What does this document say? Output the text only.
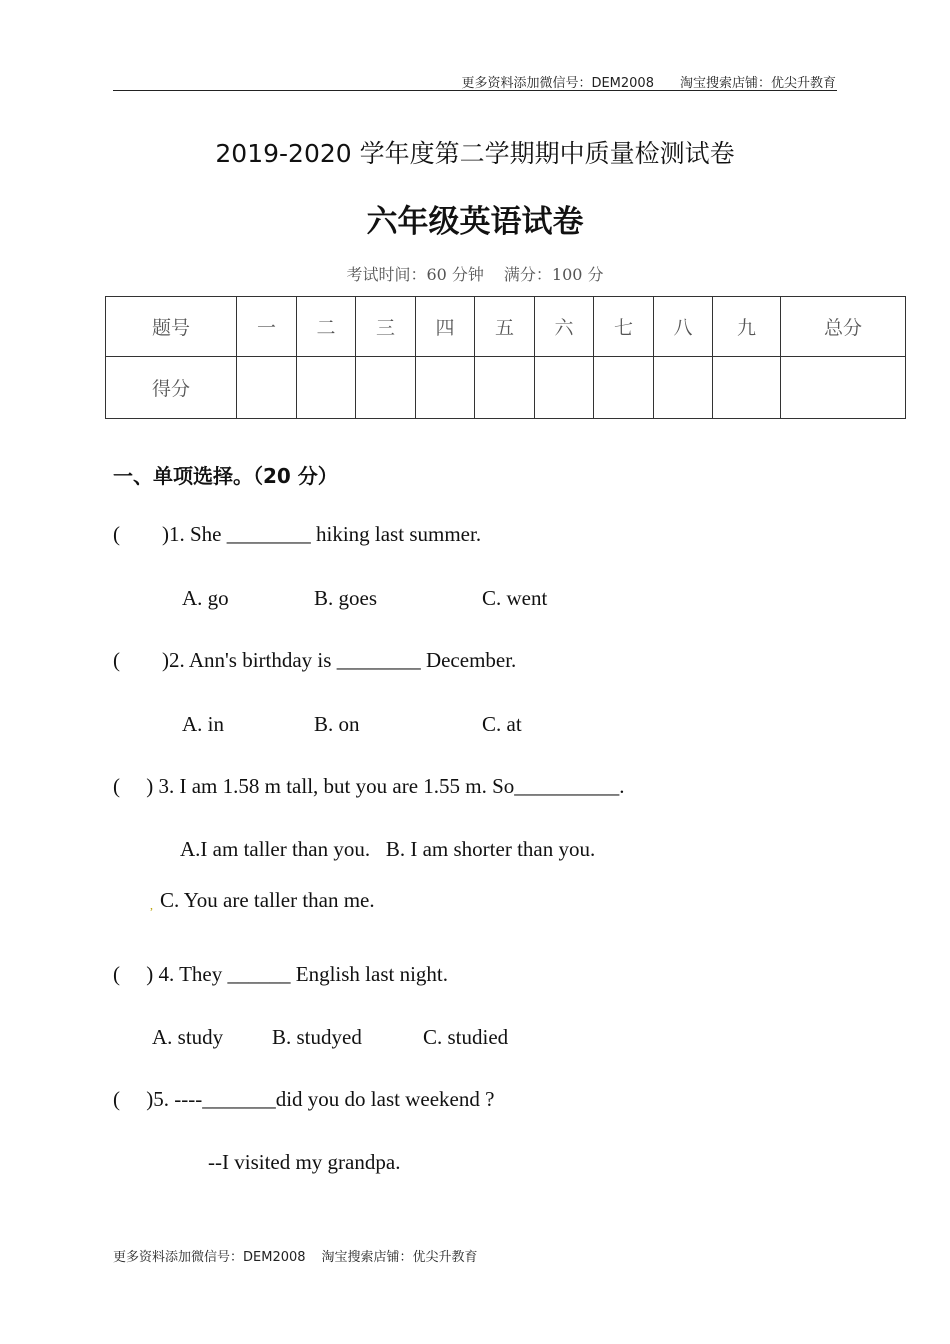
更多资料添加微信号：DEM2008 淘宝搜索店铺：优尖升教育
2019-2020 学年度第二学期期中质量检测试卷
六年级英语试卷
考试时间：60 分钟 满分：100 分
题号	一	二	三	四	五	六	七	八	九	总分
得分										
一、单项选择。（20 分）
(        )1. She ________ hiking last summer.
A. go	B. goes	C. went
(        )2. Ann's birthday is ________ December.
A. in	B. on	C. at
(     ) 3. I am 1.58 m tall, but you are 1.55 m. So__________.
A.I am taller than you.   B. I am shorter than you.
, C. You are taller than me.
(     ) 4. They ______ English last night.
A. study B. studyed	C. studied
(     )5. ----_______did you do last weekend ?
--I visited my grandpa.
更多资料添加微信号：DEM2008 淘宝搜索店铺：优尖升教育
